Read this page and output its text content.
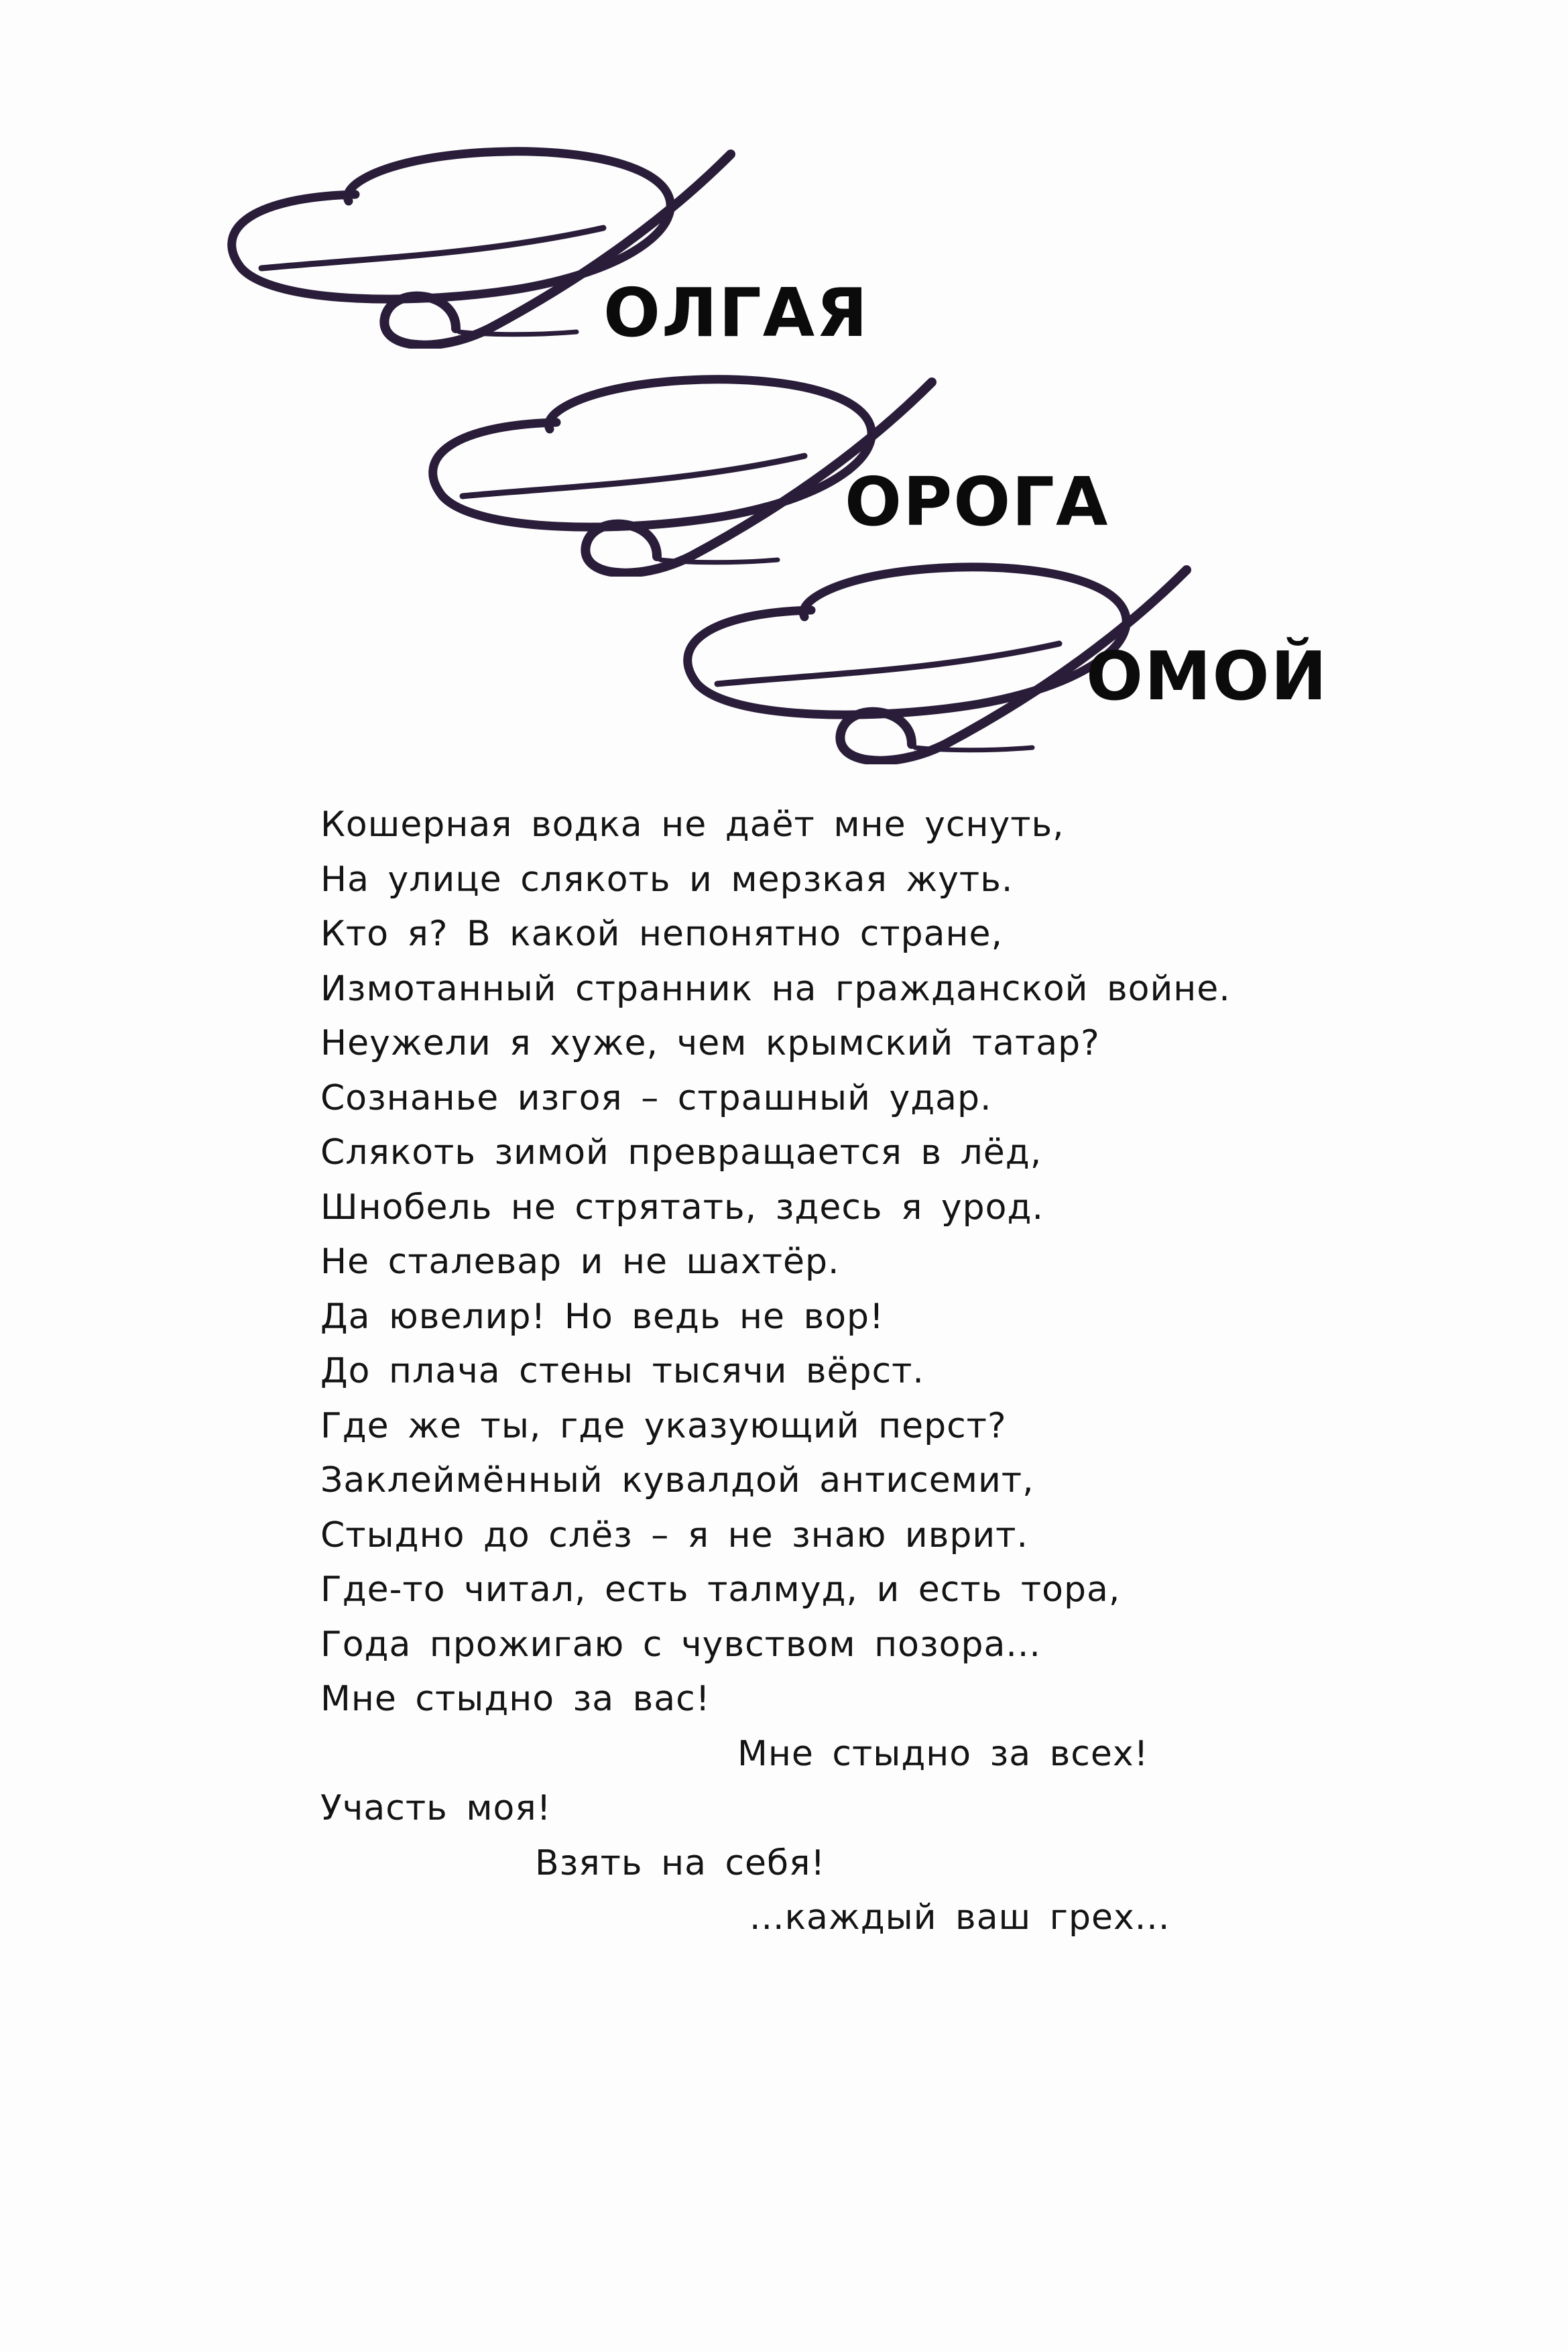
ОЛГАЯ
ОРОГА
ОМОЙ
Кошерная водка не даёт мне уснуть,
На улице слякоть и мерзкая жуть.
Кто я? В какой непонятно стране,
Измотанный странник на гражданской войне.
Неужели я хуже, чем крымский татар?
Сознанье изгоя – страшный удар.
Слякоть зимой превращается в лёд,
Шнобель не стрятать, здесь я урод.
Не сталевар и не шахтёр.
Да ювелир! Но ведь не вор!
До плача стены тысячи вёрст.
Где же ты, где указующий перст?
Заклеймённый кувалдой антисемит,
Стыдно до слёз – я не знаю иврит.
Где-то читал, есть талмуд, и есть тора,
Года прожигаю с чувством позора...
Мне стыдно за вас!
Мне стыдно за всех!
Участь моя!
Взять на себя!
...каждый ваш грех...
